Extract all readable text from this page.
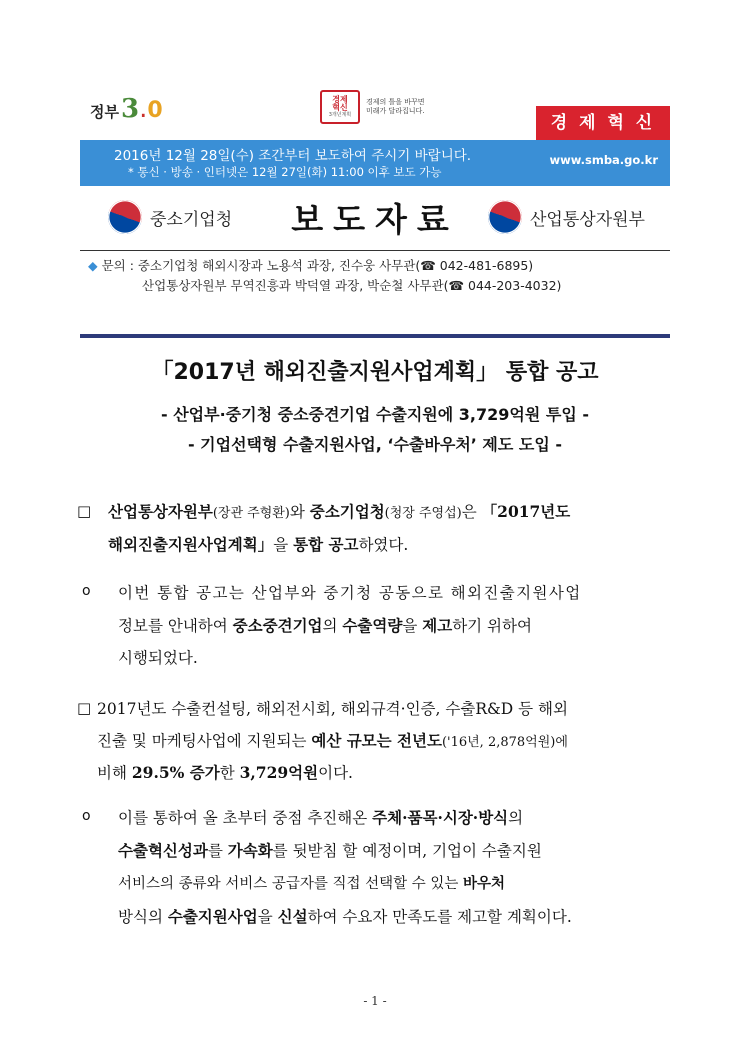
정부 3 . 0	경제
혁신
3개년계획
경제의 틀을 바꾸면
미래가 달라집니다.
경 제 혁 신
2016년 12월 28일(수) 조간부터 보도하여 주시기 바랍니다.
* 통신 · 방송 · 인터넷은 12월 27일(화) 11:00 이후 보도 가능
www.smba.go.kr
중소기업청	보도자료	산업통상자원부
◆ 문의 : 중소기업청 해외시장과 노용석 과장, 진수웅 사무관(☎ 042-481-6895)
산업통상자원부 무역진흥과 박덕열 과장, 박순철 사무관(☎ 044-203-4032)
「2017년 해외진출지원사업계획」 통합 공고
- 산업부·중기청 중소중견기업 수출지원에 3,729억원 투입 -
- 기업선택형 수출지원사업, ‘수출바우처’ 제도 도입 -
□ 산업통상자원부(장관 주형환)와 중소기업청(청장 주영섭)은 「2017년도
해외진출지원사업계획」을 통합 공고하였다.
ο 이번 통합 공고는 산업부와 중기청 공동으로 해외진출지원사업
정보를 안내하여 중소중견기업의 수출역량을 제고하기 위하여
시행되었다.
□ 2017년도 수출컨설팅, 해외전시회, 해외규격·인증, 수출R&D 등 해외
진출 및 마케팅사업에 지원되는 예산 규모는 전년도('16년, 2,878억원)에
비해 29.5% 증가한 3,729억원이다.
ο 이를 통하여 올 초부터 중점 추진해온 주체·품목·시장·방식의
수출혁신성과를 가속화를 뒷받침 할 예정이며, 기업이 수출지원
서비스의 종류와 서비스 공급자를 직접 선택할 수 있는 바우처
방식의 수출지원사업을 신설하여 수요자 만족도를 제고할 계획이다.
- 1 -
